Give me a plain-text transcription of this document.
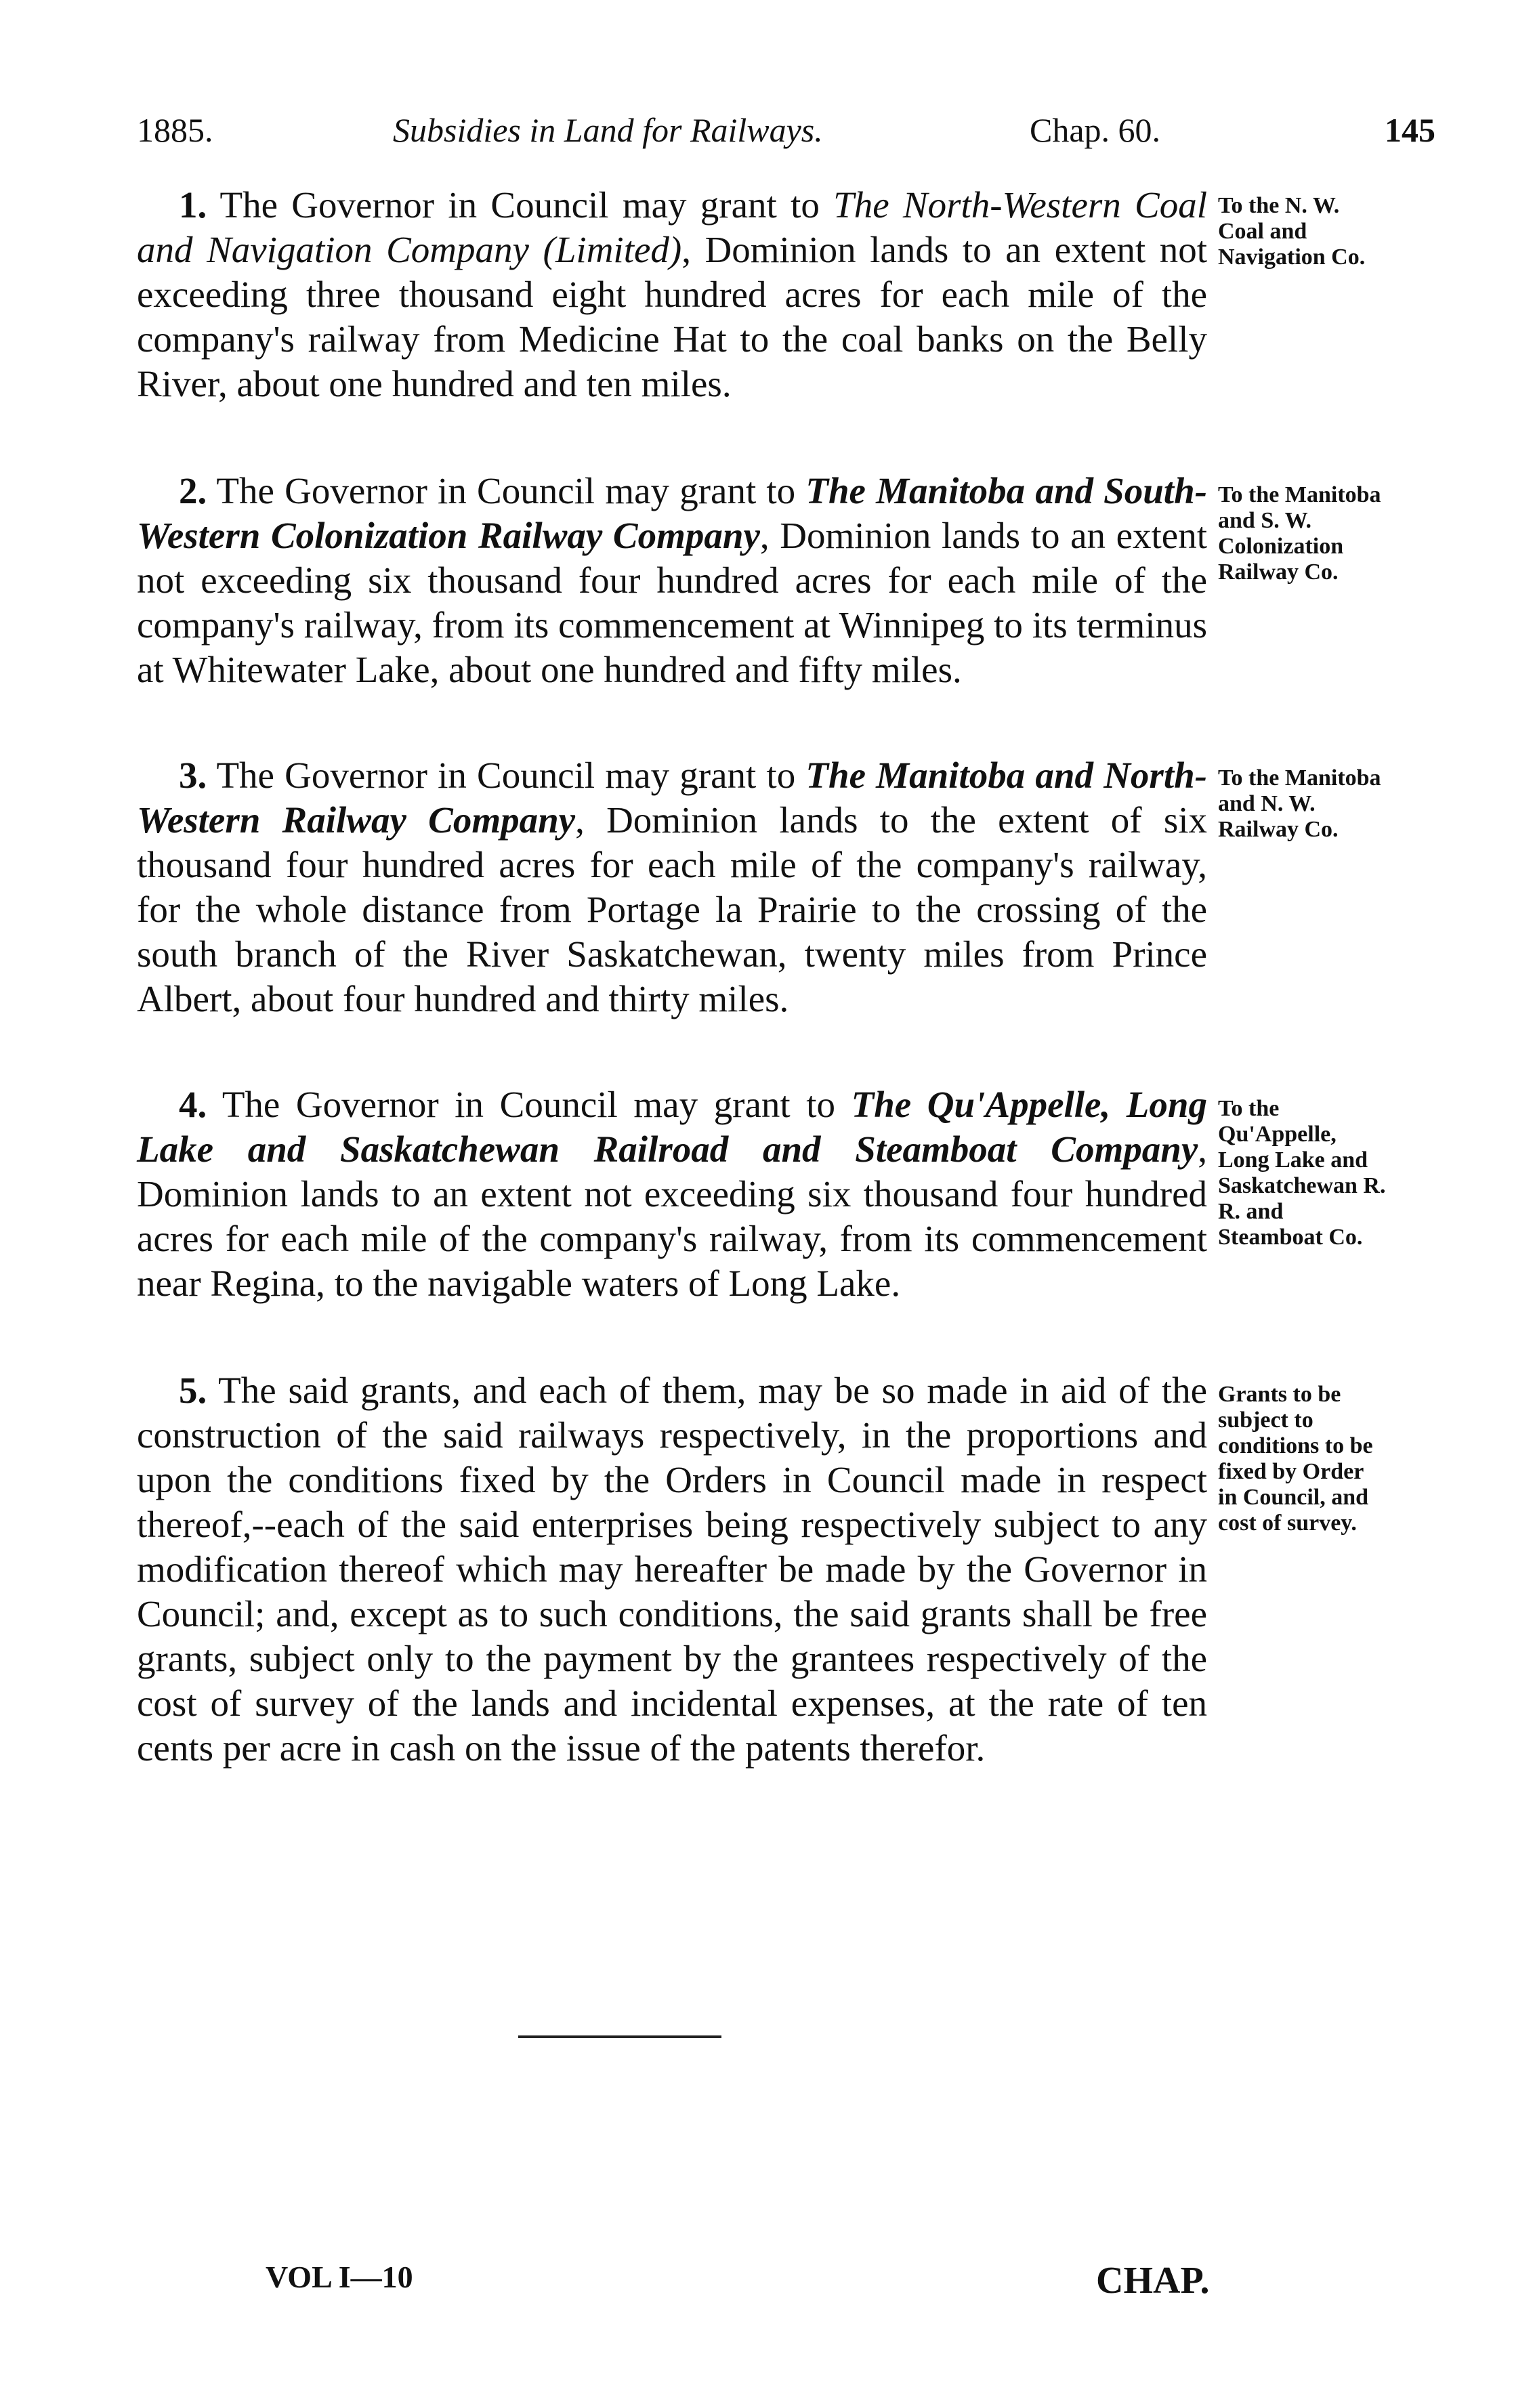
1885.	Subsidies in Land for Railways.	Chap. 60.	145

1. The Governor in Council may grant to The North-Western Coal and Navigation Company (Limited), Dominion lands to an extent not exceeding three thousand eight hundred acres for each mile of the company's railway from Medicine Hat to the coal banks on the Belly River, about one hundred and ten miles.

To the N. W. Coal and Navigation Co.

2. The Governor in Council may grant to The Manitoba and South-Western Colonization Railway Company, Dominion lands to an extent not exceeding six thousand four hundred acres for each mile of the company's railway, from its commencement at Winnipeg to its terminus at Whitewater Lake, about one hundred and fifty miles.

To the Manitoba and S. W. Colonization Railway Co.

3. The Governor in Council may grant to The Manitoba and North-Western Railway Company, Dominion lands to the extent of six thousand four hundred acres for each mile of the company's railway, for the whole distance from Portage la Prairie to the crossing of the south branch of the River Saskatchewan, twenty miles from Prince Albert, about four hundred and thirty miles.

To the Manitoba and N. W. Railway Co.

4. The Governor in Council may grant to The Qu'Appelle, Long Lake and Saskatchewan Railroad and Steamboat Company, Dominion lands to an extent not exceeding six thousand four hundred acres for each mile of the company's railway, from its commencement near Regina, to the navigable waters of Long Lake.

To the Qu'Appelle, Long Lake and Saskatchewan R. R. and Steamboat Co.

5. The said grants, and each of them, may be so made in aid of the construction of the said railways respectively, in the proportions and upon the conditions fixed by the Orders in Council made in respect thereof,--each of the said enterprises being respectively subject to any modification thereof which may hereafter be made by the Governor in Council; and, except as to such conditions, the said grants shall be free grants, subject only to the payment by the grantees respectively of the cost of survey of the lands and incidental expenses, at the rate of ten cents per acre in cash on the issue of the patents therefor.

Grants to be subject to conditions to be fixed by Order in Council, and cost of survey.

VOL I—10	CHAP.
